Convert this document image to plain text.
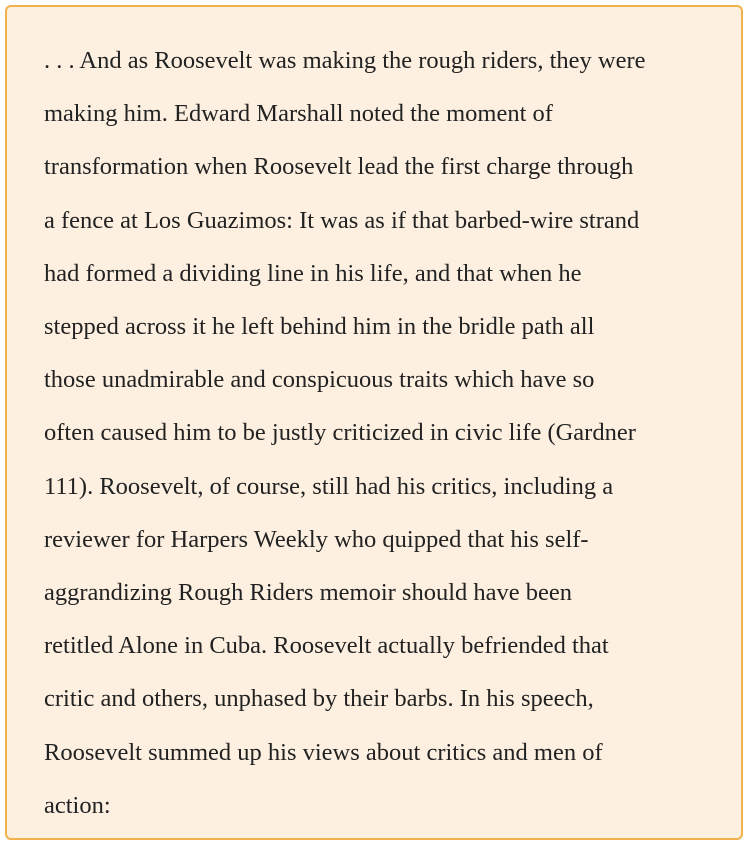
. . . And as Roosevelt was making the rough riders, they were
making him. Edward Marshall noted the moment of
transformation when Roosevelt lead the first charge through
a fence at Los Guazimos: It was as if that barbed-wire strand
had formed a dividing line in his life, and that when he
stepped across it he left behind him in the bridle path all
those unadmirable and conspicuous traits which have so
often caused him to be justly criticized in civic life (Gardner
111). Roosevelt, of course, still had his critics, including a
reviewer for Harpers Weekly who quipped that his self-
aggrandizing Rough Riders memoir should have been
retitled Alone in Cuba. Roosevelt actually befriended that
critic and others, unphased by their barbs. In his speech,
Roosevelt summed up his views about critics and men of
action:
